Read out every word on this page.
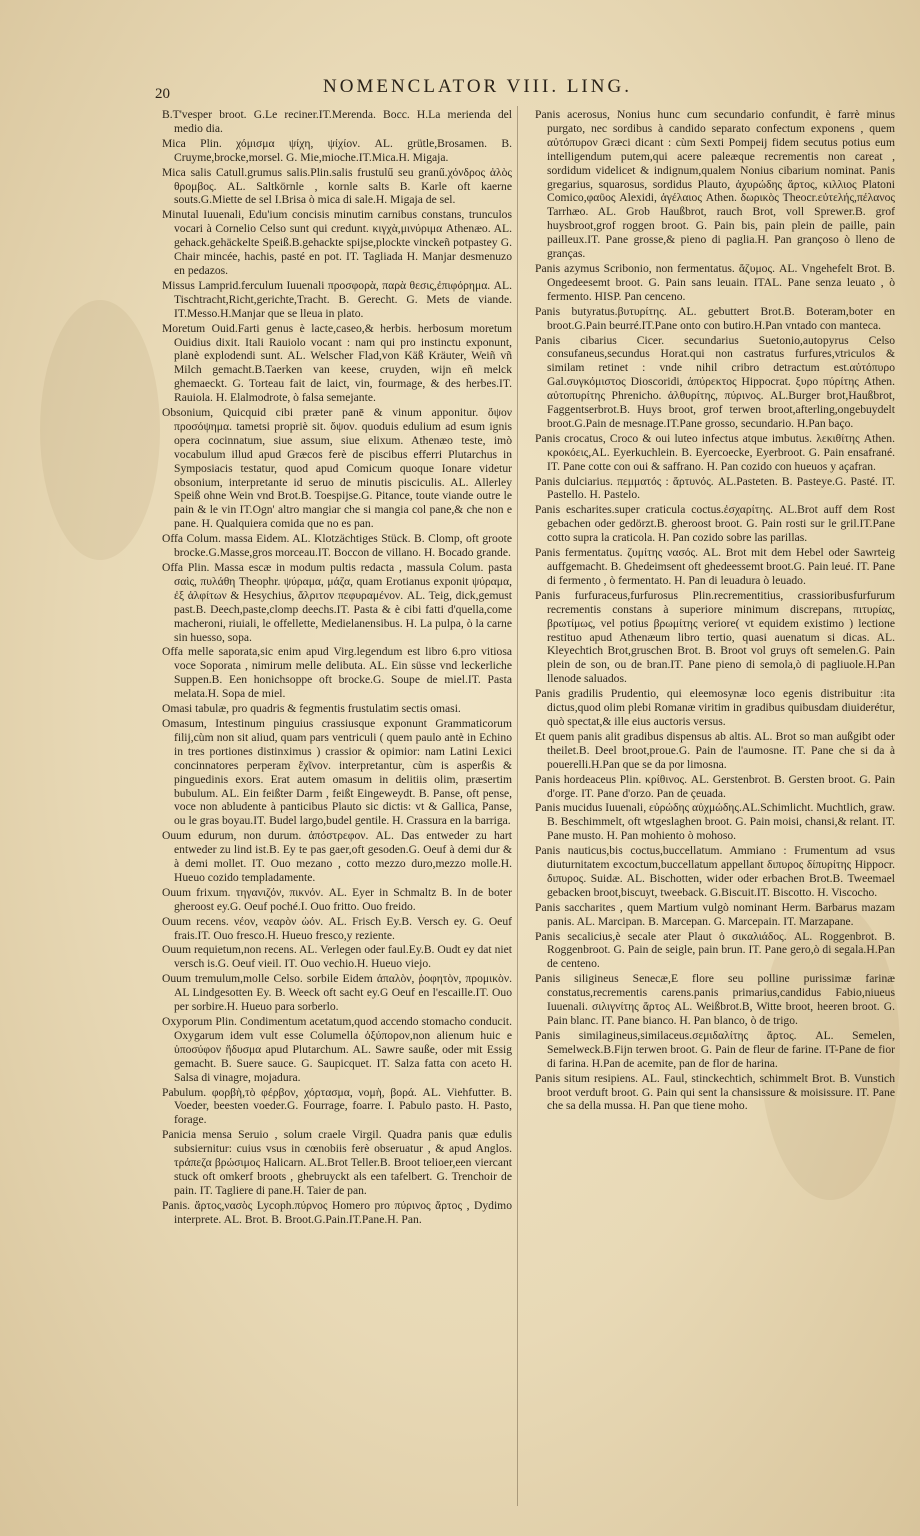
20	NOMENCLATOR VIII. LING.

B.T'vesper broot. G.Le reciner.IT.Merenda. Bocc. H.La merienda del medio dia.

Mica Plin. χόμισμα ψίχη, ψίχίον. AL. grütle,Brosamen. B. Cruyme,brocke,morsel. G. Mie,mioche.IT.Mica.H. Migaja.

Mica salis Catull.grumus salis.Plin.salis frustulű seu granű.χόνδρος ἁλὸς θρομβος. AL. Saltkörnle , kornle salts B. Karle oft kaerne souts.G.Miette de sel I.Brisa ò mica di sale.H. Migaja de sel.

Minutal Iuuenali, Edu'ium concisis minutim carnibus constans, trunculos vocari à Cornelio Celso sunt qui credunt. κιγχὰ,μινύριμα Athenæo. AL. gehack.gehäckelte Speiß.B.gehackte spijse,plockte vinckeñ potpastey G. Chair mincée, hachis, pasté en pot. IT. Tagliada H. Manjar desmenuzo en pedazos.

Missus Lamprid.ferculum Iuuenali προσφορὰ, παρὰ θεσις,ἐπιφόρημα. AL. Tischtracht,Richt,gerichte,Tracht. B. Gerecht. G. Mets de viande. IT.Messo.H.Manjar que se lleua in plato.

Moretum Ouid.Farti genus è lacte,caseo,& herbis. herbosum moretum Ouidius dixit. Itali Rauiolo vocant : nam qui pro instinctu exponunt, planè explodendi sunt. AL. Welscher Flad,von Käß Kräuter, Weiñ vñ Milch gemacht.B.Taerken van keese, cruyden, wijn eñ melck ghemaeckt. G. Torteau fait de laict, vin, fourmage, & des herbes.IT. Rauiola. H. Elalmodrote, ò falsa semejante.

Obsonium, Quicquid cibi præter panē & vinum apponitur. ὄψον προσόψημα. tametsi propriè sit. ὄψον. quoduis edulium ad esum ignis opera cocinnatum, siue assum, siue elixum. Athenæo teste, imò vocabulum illud apud Græcos ferè de piscibus efferri Plutarchus in Symposiacis testatur, quod apud Comicum quoque Ionare videtur obsonium, interpretante id seruo de minutis pisciculis. AL. Allerley Speiß ohne Wein vnd Brot.B. Toespijse.G. Pitance, toute viande outre le pain & le vin IT.Ogn' altro mangiar che si mangia col pane,& che non e pane. H. Qualquiera comida que no es pan.

Offa Colum. massa Eidem. AL. Klotzächtiges Stück. B. Clomp, oft groote brocke.G.Masse,gros morceau.IT. Boccon de villano. H. Bocado grande.

Offa Plin. Massa escæ in modum pultis redacta , massula Colum. pasta σαὶς, πυλάθη Theophr. ψύραμα, μάζα, quam Erotianus exponit ψύραμα, ἐξ ἀλφίτων & Hesychius, ἄλριτον πεφυραμένον. AL. Teig, dick,gemust past.B. Deech,paste,clomp deechs.IT. Pasta & è cibi fatti d'quella,come macheroni, riuiali, le offellette, Medielanensibus. H. La pulpa, ò la carne sin huesso, sopa.

Offa melle saporata,sic enim apud Virg.legendum est libro 6.pro vitiosa voce Soporata , nimirum melle delibuta. AL. Ein süsse vnd leckerliche Suppen.B. Een honichsoppe oft brocke.G. Soupe de miel.IT. Pasta melata.H. Sopa de miel.

Omasi tabulæ, pro quadris & fegmentis frustulatim sectis omasi.

Omasum, Intestinum pinguius crassiusque exponunt Grammaticorum filij,cùm non sit aliud, quam pars ventriculi ( quem paulo antè in Echino in tres portiones distinximus ) crassior & opimior: nam Latini Lexici concinnatores perperam ἔχῖνον. interpretantur, cùm is asperßis & pinguedinis exors. Erat autem omasum in delitiis olim, præsertim bubulum. AL. Ein feißter Darm , feißt Eingeweydt. B. Panse, oft pense, voce non abludente à panticibus Plauto sic dictis: vt & Gallica, Panse, ou le gras boyau.IT. Budel largo,budel gentile. H. Crassura en la barriga.

Ouum edurum, non durum. ἀπόστρεφον. AL. Das entweder zu hart entweder zu lind ist.B. Ey te pas gaer,oft gesoden.G. Oeuf à demi dur & à demi mollet. IT. Ouo mezano , cotto mezzo duro,mezzo molle.H. Hueuo cozido templadamente.

Ouum frixum. τηγανιζόν, πικνόν. AL. Eyer in Schmaltz B. In de boter gheroost ey.G. Oeuf poché.I. Ouo fritto. Ouo freido.

Ouum recens. νέον, νεαρὸν ὠόν. AL. Frisch Ey.B. Versch ey. G. Oeuf frais.IT. Ouo fresco.H. Hueuo fresco,y reziente.

Ouum requietum,non recens. AL. Verlegen oder faul.Ey.B. Oudt ey dat niet versch is.G. Oeuf vieil. IT. Ouo vechio.H. Hueuo viejo.

Ouum tremulum,molle Celso. sorbile Eidem ἀπαλὸν, ῥοφητὸν, προμικὸν. AL Lindgesotten Ey. B. Weeck oft sacht ey.G Oeuf en l'escaille.IT. Ouo per sorbire.H. Hueuo para sorberlo.

Oxyporum Plin. Condimentum acetatum,quod accendo stomacho conducit. Oxygarum idem vult esse Columella ὀξύπορον,non alienum huic e ὑποσύφον ἥδυσμα apud Plutarchum. AL. Sawre sauße, oder mit Essig gemacht. B. Suere sauce. G. Saupicquet. IT. Salza fatta con aceto H. Salsa di vinagre, mojadura.

Pabulum. φορβὴ,τὸ φέρβον, χόρτασμα, νομὴ, βορά. AL. Viehfutter. B. Voeder, beesten voeder.G. Fourrage, foarre. I. Pabulo pasto. H. Pasto, forage.

Panicia mensa Seruio , solum craele Virgil. Quadra panis quæ edulis subsiernitur: cuius vsus in cœnobiis ferè obseruatur , & apud Anglos. τράπεζα βρώσιμος Halicarn. AL.Brot Teller.B. Broot telioer,een viercant stuck oft omkerf broots , ghebruyckt als een tafelbert. G. Trenchoir de pain. IT. Tagliere di pane.H. Taier de pan.

Panis. ἄρτος,νασὸς Lycoph.πύρνος Homero pro πύρινος ἄρτος , Dydimo interprete. AL. Brot. B. Broot.G.Pain.IT.Pane.H. Pan.

Panis acerosus, Nonius hunc cum secundario confundit, è farrè minus purgato, nec sordibus à candido separato confectum exponens , quem αὐτόπυρον Græci dicant : cùm Sexti Pompeij fidem secutus potius eum intelligendum putem,qui acere paleæque recrementis non careat , sordidum videlicet & indignum,qualem Nonius cibarium nominat. Panis gregarius, squarosus, sordidus Plauto, ἀχυρώδης ἄρτος, κιλλιος Platoni Comico,φαῦος Alexidi, ἀγέλαιος Athen. δωρικὸς Theocr.εὐτελής,πέλανος Tarrhæo. AL. Grob Haußbrot, rauch Brot, voll Sprewer.B. grof huysbroot,grof roggen broot. G. Pain bis, pain plein de paille, pain pailleux.IT. Pane grosse,& pieno di paglia.H. Pan grançoso ò lleno de granças.

Panis azymus Scribonio, non fermentatus. ἄζυμος. AL. Vngehefelt Brot. B. Ongedeesemt broot. G. Pain sans leuain. ITAL. Pane senza leuato , ò fermento. HISP. Pan cenceno.

Panis butyratus.βυτυρίτης. AL. gebuttert Brot.B. Boteram,boter en broot.G.Pain beurré.IT.Pane onto con butiro.H.Pan vntado con manteca.

Panis cibarius Cicer. secundarius Suetonio,autopyrus Celso consufaneus,secundus Horat.qui non castratus furfures,vtriculos & similam retinet : vnde nihil cribro detractum est.αὐτόπυρο Gal.συγκόμιστος Dioscoridi, ἀπύρεκτος Hippocrat. ξυρο πύρίτης Athen. αὐτοπυρίτης Phrenicho. ἀλθυρίτης, πύρινος. AL.Burger brot,Haußbrot, Faggentserbrot.B. Huys broot, grof terwen broot,afterling,ongebuydelt broot.G.Pain de mesnage.IT.Pane grosso, secundario. H.Pan baço.

Panis crocatus, Croco & oui luteo infectus atque imbutus. λεκιθίτης Athen. κροκόεις,AL. Eyerkuchlein. B. Eyercoecke, Eyerbroot. G. Pain ensafrané. IT. Pane cotte con oui & saffrano. H. Pan cozido con hueuos y açafran.

Panis dulciarius. πεμματός : ἄρτυνός. AL.Pasteten. B. Pasteye.G. Pasté. IT. Pastello. H. Pastelo.

Panis escharites.super craticula coctus.ἐσχαρίτης. AL.Brot auff dem Rost gebachen oder gedörzt.B. gheroost broot. G. Pain rosti sur le gril.IT.Pane cotto supra la craticola. H. Pan cozido sobre las parillas.

Panis fermentatus. ζυμίτης νασός. AL. Brot mit dem Hebel oder Sawrteig auffgemacht. B. Ghedeimsent oft ghedeessemt broot.G. Pain leué. IT. Pane di fermento , ò fermentato. H. Pan di leuadura ò leuado.

Panis furfuraceus,furfurosus Plin.recrementitius, crassioribusfurfurum recrementis constans à superiore minimum discrepans, πιτυρίας, βρωτίμως, vel potius βρωμίτης veriore( vt equidem existimo ) lectione restituo apud Athenæum libro tertio, quasi auenatum si dicas. AL. Kleyechtich Brot,gruschen Brot. B. Broot vol gruys oft semelen.G. Pain plein de son, ou de bran.IT. Pane pieno di semola,ò di pagliuole.H.Pan llenode saluados.

Panis gradilis Prudentio, qui eleemosynæ loco egenis distribuitur :ita dictus,quod olim plebi Romanæ viritim in gradibus quibusdam diuiderétur, quò spectat,& ille eius auctoris versus.

Et quem panis alit gradibus dispensus ab altis. AL. Brot so man außgibt oder theilet.B. Deel broot,proue.G. Pain de l'aumosne. IT. Pane che si da à pouerelli.H.Pan que se da por limosna.

Panis hordeaceus Plin. κρίθινος. AL. Gerstenbrot. B. Gersten broot. G. Pain d'orge. IT. Pane d'orzo. Pan de çeuada.

Panis mucidus Iuuenali, εὐρώδης αὐχμώδης.AL.Schimlicht. Muchtlich, graw. B. Beschimmelt, oft wtgeslaghen broot. G. Pain moisi, chansi,& relant. IT. Pane musto. H. Pan mohiento ò mohoso.

Panis nauticus,bis coctus,buccellatum. Ammiano : Frumentum ad vsus diuturnitatem excoctum,buccellatum appellant διπυρος δίπυρίτης Hippocr. διπυρος. Suidæ. AL. Bischotten, wider oder erbachen Brot.B. Tweemael gebacken broot,biscuyt, tweeback. G.Biscuit.IT. Biscotto. H. Viscocho.

Panis saccharites , quem Martium vulgò nominant Herm. Barbarus mazam panis. AL. Marcipan. B. Marcepan. G. Marcepain. IT. Marzapane.

Panis secalicius,è secale ater Plaut ὁ σικαλιάδος. AL. Roggenbrot. B. Roggenbroot. G. Pain de seigle, pain brun. IT. Pane gero,ò di segala.H.Pan de centeno.

Panis siligineus Senecæ,E flore seu polline purissimæ farinæ constatus,recrementis carens.panis primarius,candidus Fabio,niueus Iuuenali. σιλιγνίτης ἄρτος AL. Weißbrot.B, Witte broot, heeren broot. G. Pain blanc. IT. Pane bianco. H. Pan blanco, ò de trigo.

Panis similagineus,similaceus.σεμιδαλίτης ἄρτος. AL. Semelen, Semelweck.B.Fijn terwen broot. G. Pain de fleur de farine. IT-Pane de fior di farina. H.Pan de acemite, pan de flor de harina.

Panis situm resipiens. AL. Faul, stinckechtich, schimmelt Brot. B. Vunstich broot verduft broot. G. Pain qui sent la chansissure & moisissure. IT. Pane che sa della mussa. H. Pan que tiene moho.
